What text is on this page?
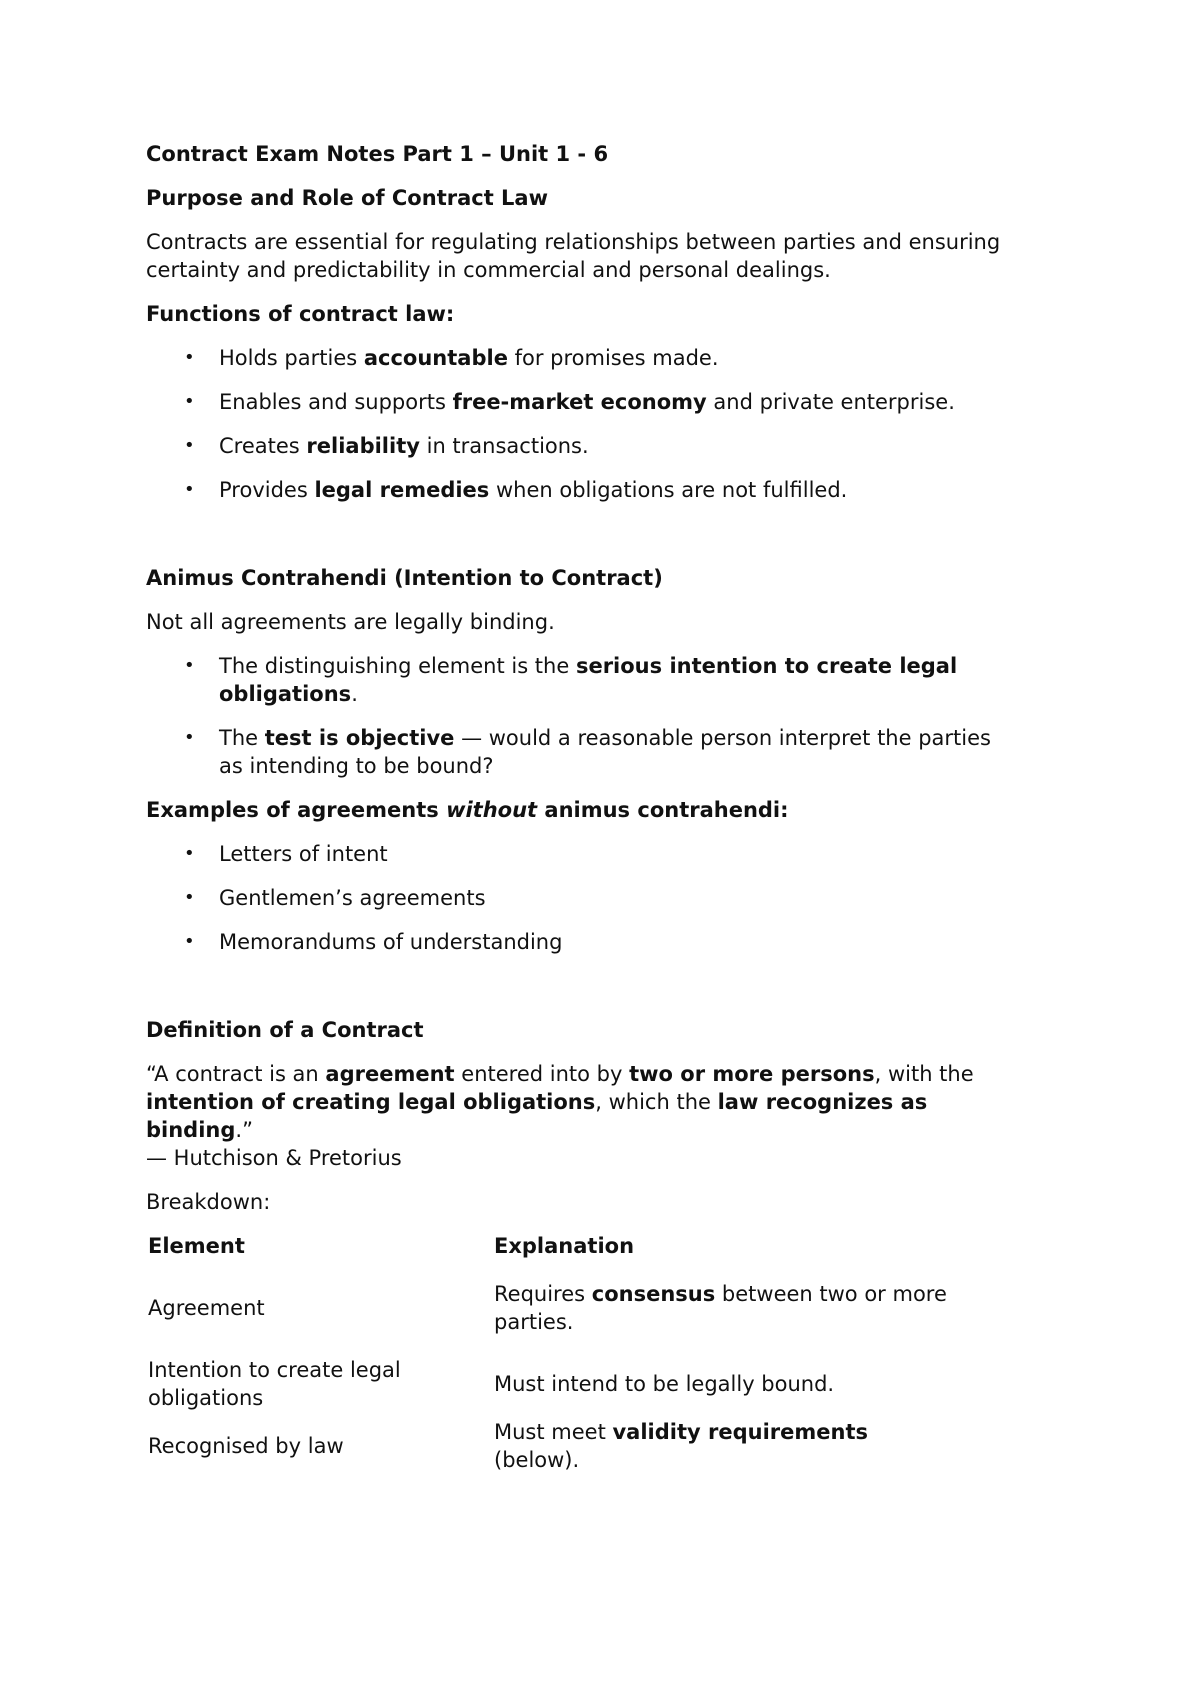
Contract Exam Notes Part 1 – Unit 1 - 6
Purpose and Role of Contract Law
Contracts are essential for regulating relationships between parties and ensuring
certainty and predictability in commercial and personal dealings.
Functions of contract law:
• Holds parties accountable for promises made.
• Enables and supports free-market economy and private enterprise.
• Creates reliability in transactions.
• Provides legal remedies when obligations are not fulfilled.
Animus Contrahendi (Intention to Contract)
Not all agreements are legally binding.
• The distinguishing element is the serious intention to create legal
obligations.
• The test is objective — would a reasonable person interpret the parties
as intending to be bound?
Examples of agreements without animus contrahendi:
• Letters of intent
• Gentlemen’s agreements
• Memorandums of understanding
Definition of a Contract
“A contract is an agreement entered into by two or more persons, with the
intention of creating legal obligations, which the law recognizes as
binding.”
— Hutchison & Pretorius
Breakdown:
Element	Explanation
Agreement
Requires consensus between two or more
parties.
Intention to create legal
obligations
Must intend to be legally bound.
Recognised by law
Must meet validity requirements
(below).
